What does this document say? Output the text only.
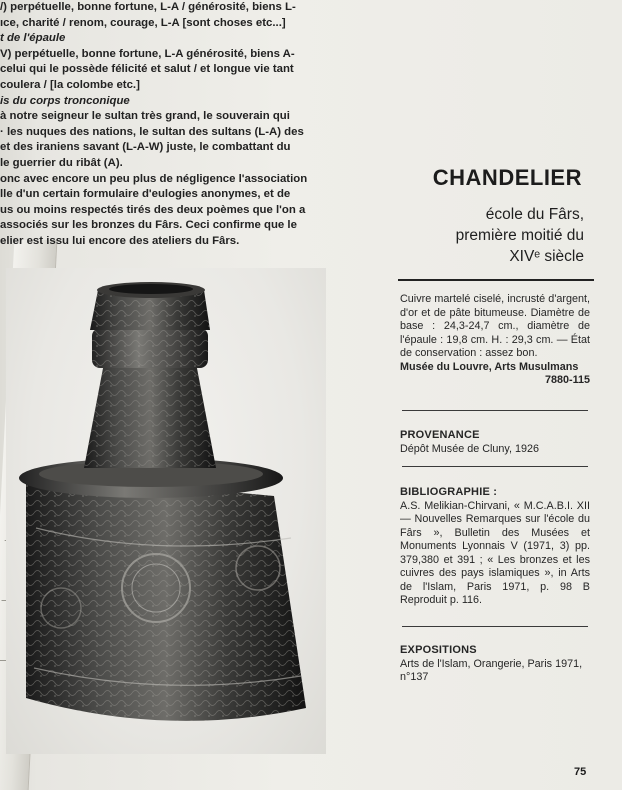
/) perpétuelle, bonne fortune, L-A / générosité, biens L-
ıce, charité / renom, courage, L-A [sont choses etc...]
t de l'épaule
V) perpétuelle, bonne fortune, L-A générosité, biens A-
celui qui le possède félicité et salut / et longue vie tant
coulera / [la colombe etc.]
is du corps tronconique
à notre seigneur le sultan très grand, le souverain qui
· les nuques des nations, le sultan des sultans (L-A) des
et des iraniens savant (L-A-W) juste, le combattant du
le guerrier du ribât (A).
onc avec encore un peu plus de négligence l'association
lle d'un certain formulaire d'eulogies anonymes, et de
us ou moins respectés tirés des deux poèmes que l'on a
associés sur les bronzes du Fârs. Ceci confirme que le
elier est issu lui encore des ateliers du Fârs.
CHANDELIER
école du Fârs,
première moitié du
XIVᵉ siècle

Cuivre martelé ciselé, incrusté d'argent, d'or et de pâte bitumeuse. Diamètre de base : 24,3-24,7 cm., diamètre de l'épaule : 19,8 cm. H. : 29,3 cm. — État de conservation : assez bon.

Musée du Louvre, Arts Musulmans

7880-115

PROVENANCE

Dépôt Musée de Cluny, 1926

BIBLIOGRAPHIE :

A.S. Melikian-Chirvani, « M.C.A.B.I. XII — Nouvelles Remarques sur l'école du Fârs », Bulletin des Musées et Monuments Lyonnais V (1971, 3) pp. 379,380 et 391 ; « Les bronzes et les cuivres des pays islamiques », in Arts de l'Islam, Paris 1971, p. 98 B Reproduit p. 116.

EXPOSITIONS

Arts de l'Islam, Orangerie, Paris 1971, n°137

75
